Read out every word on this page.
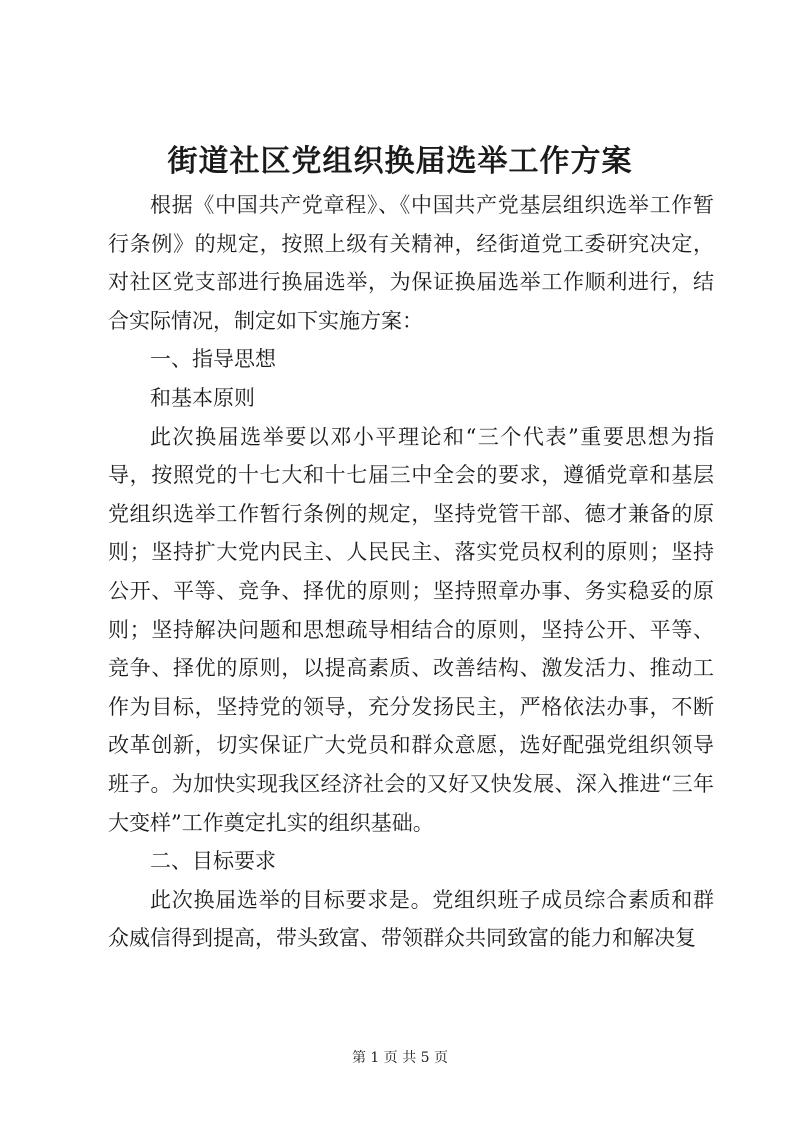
街道社区党组织换届选举工作方案

根据《中国共产党章程》、《中国共产党基层组织选举工作暂行条例》的规定，按照上级有关精神，经街道党工委研究决定，对社区党支部进行换届选举，为保证换届选举工作顺利进行，结合实际情况，制定如下实施方案：

一、指导思想

和基本原则

此次换届选举要以邓小平理论和“三个代表”重要思想为指导，按照党的十七大和十七届三中全会的要求，遵循党章和基层党组织选举工作暂行条例的规定，坚持党管干部、德才兼备的原则；坚持扩大党内民主、人民民主、落实党员权利的原则；坚持公开、平等、竞争、择优的原则；坚持照章办事、务实稳妥的原则；坚持解决问题和思想疏导相结合的原则，坚持公开、平等、竞争、择优的原则，以提高素质、改善结构、激发活力、推动工作为目标，坚持党的领导，充分发扬民主，严格依法办事，不断改革创新，切实保证广大党员和群众意愿，选好配强党组织领导班子。为加快实现我区经济社会的又好又快发展、深入推进“三年大变样”工作奠定扎实的组织基础。

二、目标要求

此次换届选举的目标要求是。党组织班子成员综合素质和群众威信得到提高，带头致富、带领群众共同致富的能力和解决复

第 1 页 共 5 页
